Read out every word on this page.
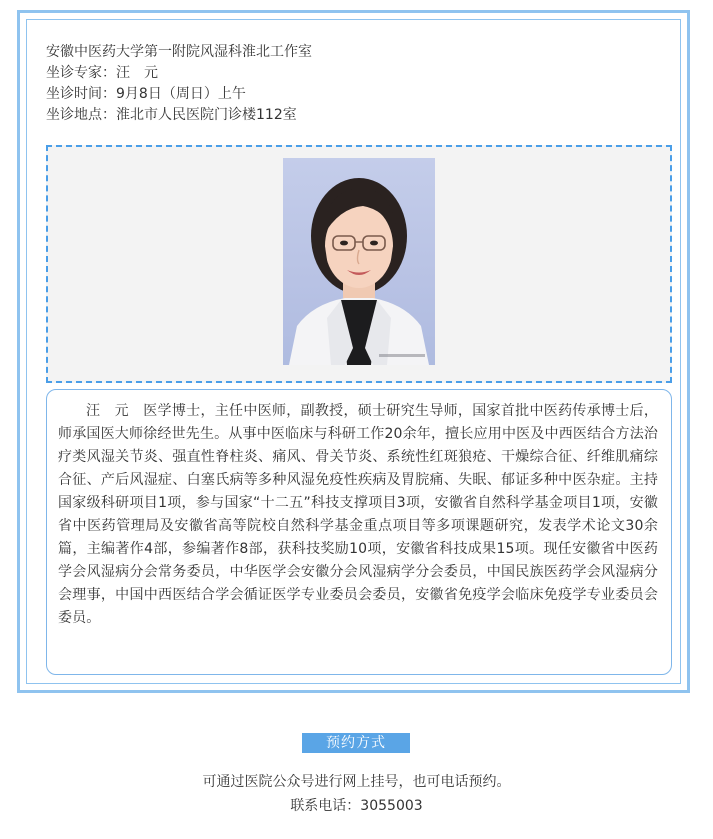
安徽中医药大学第一附院风湿科淮北工作室
坐诊专家：汪　元
坐诊时间：9月8日（周日）上午
坐诊地点：淮北市人民医院门诊楼112室
汪　元　医学博士，主任中医师，副教授，硕士研究生导师，国家首批中医药传承博士后，师承国医大师徐经世先生。从事中医临床与科研工作20余年，擅长应用中医及中西医结合方法治疗类风湿关节炎、强直性脊柱炎、痛风、骨关节炎、系统性红斑狼疮、干燥综合征、纤维肌痛综合征、产后风湿症、白塞氏病等多种风湿免疫性疾病及胃脘痛、失眠、郁证多种中医杂症。主持国家级科研项目1项，参与国家“十二五”科技支撑项目3项，安徽省自然科学基金项目1项，安徽省中医药管理局及安徽省高等院校自然科学基金重点项目等多项课题研究，发表学术论文30余篇，主编著作4部，参编著作8部，获科技奖励10项，安徽省科技成果15项。现任安徽省中医药学会风湿病分会常务委员，中华医学会安徽分会风湿病学分会委员，中国民族医药学会风湿病分会理事，中国中西医结合学会循证医学专业委员会委员，安徽省免疫学会临床免疫学专业委员会委员。
预约方式
可通过医院公众号进行网上挂号，也可电话预约。
联系电话：3055003
